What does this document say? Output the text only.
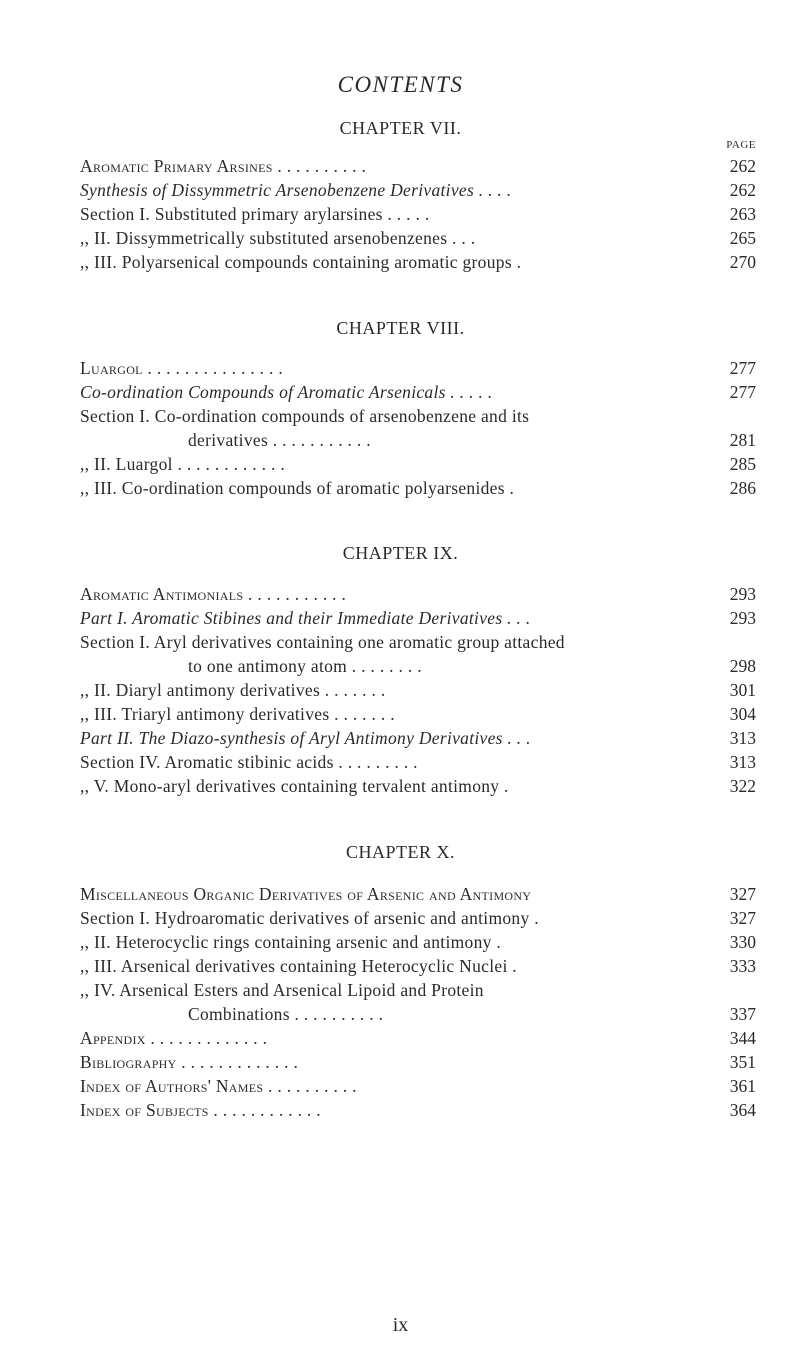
CONTENTS
CHAPTER VII.
PAGE
Aromatic Primary Arsines . . . . . . . . . .	262
Synthesis of Dissymmetric Arsenobenzene Derivatives . . . .	262
Section I. Substituted primary arylarsines . . . . .	263
,, II. Dissymmetrically substituted arsenobenzenes . . .	265
,, III. Polyarsenical compounds containing aromatic groups .	270
CHAPTER VIII.
Luargol . . . . . . . . . . . . . . .	277
Co-ordination Compounds of Aromatic Arsenicals . . . . .	277
Section I. Co-ordination compounds of arsenobenzene and its
derivatives . . . . . . . . . . .	281
,, II. Luargol . . . . . . . . . . . .	285
,, III. Co-ordination compounds of aromatic polyarsenides .	286
CHAPTER IX.
Aromatic Antimonials . . . . . . . . . . .	293
Part I. Aromatic Stibines and their Immediate Derivatives . . .	293
Section I. Aryl derivatives containing one aromatic group attached
to one antimony atom . . . . . . . .	298
,, II. Diaryl antimony derivatives . . . . . . .	301
,, III. Triaryl antimony derivatives . . . . . . .	304
Part II. The Diazo-synthesis of Aryl Antimony Derivatives . . .	313
Section IV. Aromatic stibinic acids . . . . . . . . .	313
,, V. Mono-aryl derivatives containing tervalent antimony .	322
CHAPTER X.
Miscellaneous Organic Derivatives of Arsenic and Antimony	327
Section I. Hydroaromatic derivatives of arsenic and antimony .	327
,, II. Heterocyclic rings containing arsenic and antimony .	330
,, III. Arsenical derivatives containing Heterocyclic Nuclei .	333
,, IV. Arsenical Esters and Arsenical Lipoid and Protein
Combinations . . . . . . . . . .	337
Appendix . . . . . . . . . . . . .	344
Bibliography . . . . . . . . . . . . .	351
Index of Authors' Names . . . . . . . . . .	361
Index of Subjects . . . . . . . . . . . .	364
ix
